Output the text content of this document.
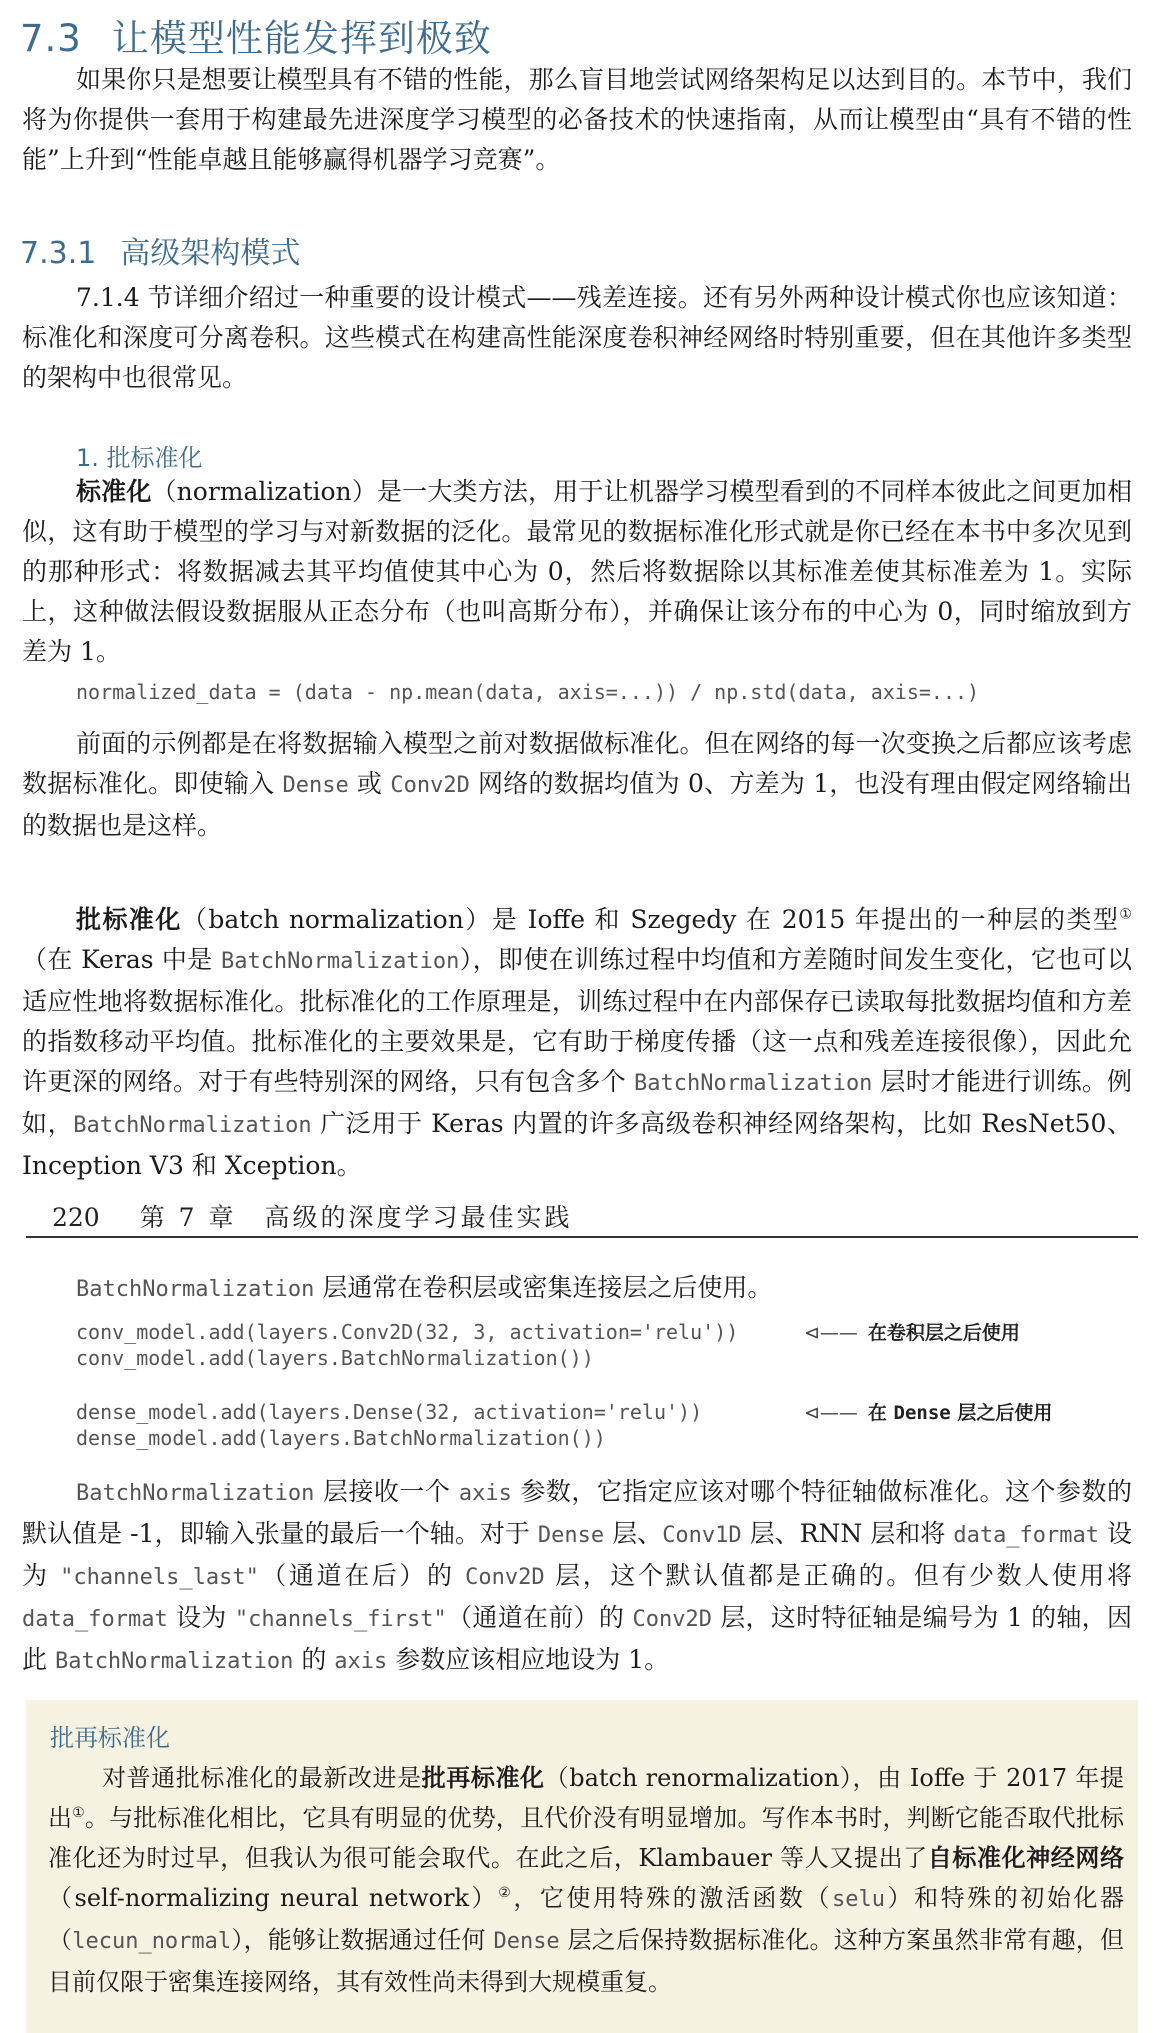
7.3 让模型性能发挥到极致

如果你只是想要让模型具有不错的性能，那么盲目地尝试网络架构足以达到目的。本节中，我们将为你提供一套用于构建最先进深度学习模型的必备技术的快速指南，从而让模型由“具有不错的性能”上升到“性能卓越且能够赢得机器学习竞赛”。

7.3.1 高级架构模式

7.1.4 节详细介绍过一种重要的设计模式——残差连接。还有另外两种设计模式你也应该知道：标准化和深度可分离卷积。这些模式在构建高性能深度卷积神经网络时特别重要，但在其他许多类型的架构中也很常见。

1. 批标准化

标准化（normalization）是一大类方法，用于让机器学习模型看到的不同样本彼此之间更加相似，这有助于模型的学习与对新数据的泛化。最常见的数据标准化形式就是你已经在本书中多次见到的那种形式：将数据减去其平均值使其中心为 0，然后将数据除以其标准差使其标准差为 1。实际上，这种做法假设数据服从正态分布（也叫高斯分布），并确保让该分布的中心为 0，同时缩放到方差为 1。

normalized_data = (data - np.mean(data, axis=...)) / np.std(data, axis=...)

前面的示例都是在将数据输入模型之前对数据做标准化。但在网络的每一次变换之后都应该考虑数据标准化。即使输入 Dense 或 Conv2D 网络的数据均值为 0、方差为 1，也没有理由假定网络输出的数据也是这样。

批标准化（batch normalization）是 Ioffe 和 Szegedy 在 2015 年提出的一种层的类型①（在 Keras 中是 BatchNormalization），即使在训练过程中均值和方差随时间发生变化，它也可以适应性地将数据标准化。批标准化的工作原理是，训练过程中在内部保存已读取每批数据均值和方差的指数移动平均值。批标准化的主要效果是，它有助于梯度传播（这一点和残差连接很像），因此允许更深的网络。对于有些特别深的网络，只有包含多个 BatchNormalization 层时才能进行训练。例如，BatchNormalization 广泛用于 Keras 内置的许多高级卷积神经网络架构，比如 ResNet50、Inception V3 和 Xception。

220 第 7 章　高级的深度学习最佳实践

BatchNormalization 层通常在卷积层或密集连接层之后使用。

conv_model.add(layers.Conv2D(32, 3, activation='relu'))
conv_model.add(layers.BatchNormalization())
⊲—— 在卷积层之后使用
dense_model.add(layers.Dense(32, activation='relu'))
dense_model.add(layers.BatchNormalization())
⊲—— 在 Dense 层之后使用

BatchNormalization 层接收一个 axis 参数，它指定应该对哪个特征轴做标准化。这个参数的默认值是 -1，即输入张量的最后一个轴。对于 Dense 层、Conv1D 层、RNN 层和将 data_format 设为 "channels_last"（通道在后）的 Conv2D 层，这个默认值都是正确的。但有少数人使用将 data_format 设为 "channels_first"（通道在前）的 Conv2D 层，这时特征轴是编号为 1 的轴，因此 BatchNormalization 的 axis 参数应该相应地设为 1。

批再标准化

对普通批标准化的最新改进是批再标准化（batch renormalization），由 Ioffe 于 2017 年提出①。与批标准化相比，它具有明显的优势，且代价没有明显增加。写作本书时，判断它能否取代批标准化还为时过早，但我认为很可能会取代。在此之后，Klambauer 等人又提出了自标准化神经网络（self-normalizing neural network）②，它使用特殊的激活函数（selu）和特殊的初始化器（lecun_normal），能够让数据通过任何 Dense 层之后保持数据标准化。这种方案虽然非常有趣，但目前仅限于密集连接网络，其有效性尚未得到大规模重复。
